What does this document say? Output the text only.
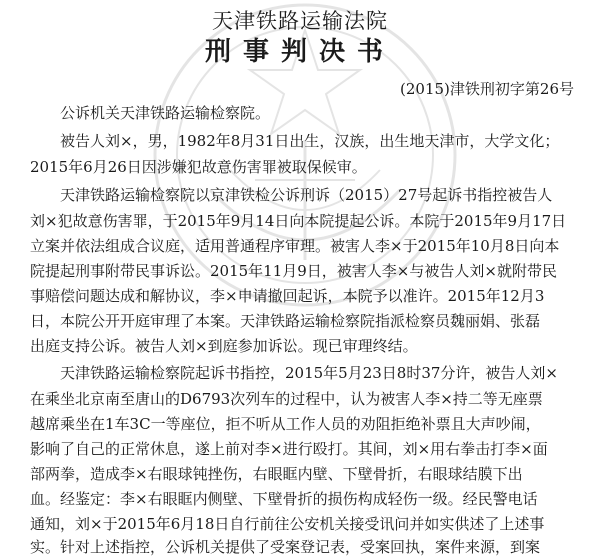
天津铁路运输法院
刑事判决书
(2015)津铁刑初字第26号
公诉机关天津铁路运输检察院。
被告人刘×，男，1982年8月31日出生，汉族，出生地天津市，大学文化；
2015年6月26日因涉嫌犯故意伤害罪被取保候审。
天津铁路运输检察院以京津铁检公诉刑诉（2015）27号起诉书指控被告人
刘×犯故意伤害罪，于2015年9月14日向本院提起公诉。本院于2015年9月17日
立案并依法组成合议庭，适用普通程序审理。被害人李×于2015年10月8日向本
院提起刑事附带民事诉讼。2015年11月9日，被害人李×与被告人刘×就附带民
事赔偿问题达成和解协议，李×申请撤回起诉，本院予以准许。2015年12月3
日，本院公开开庭审理了本案。天津铁路运输检察院指派检察员魏丽娟、张磊
出庭支持公诉。被告人刘×到庭参加诉讼。现已审理终结。
天津铁路运输检察院起诉书指控，2015年5月23日8时37分许，被告人刘×
在乘坐北京南至唐山的D6793次列车的过程中，认为被害人李×持二等无座票
越席乘坐在1车3C一等座位，拒不听从工作人员的劝阻拒绝补票且大声吵闹，
影响了自己的正常休息，遂上前对李×进行殴打。其间，刘×用右拳击打李×面
部两拳，造成李×右眼球钝挫伤，右眼眶内壁、下壁骨折，右眼球结膜下出
血。经鉴定：李×右眼眶内侧壁、下壁骨折的损伤构成轻伤一级。经民警电话
通知，刘×于2015年6月18日自行前往公安机关接受讯问并如实供述了上述事
实。针对上述指控，公诉机关提供了受案登记表，受案回执，案件来源，到案
